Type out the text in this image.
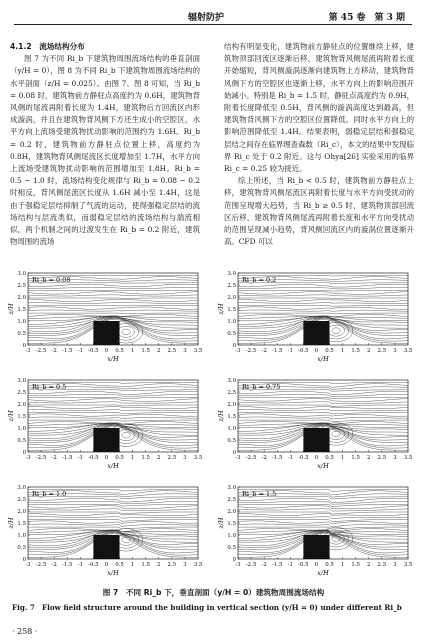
辐射防护	第 45 卷　第 3 期

4.1.2　 流场结构分布

图 7 为不同 Ri_b 下建筑物周围流场结构的垂直剖面（y/H = 0），图 8 为不同 Ri_b 下建筑物周围流场结构的水平剖面（z/H = 0.025）。由图 7、图 8 可知，当 Ri_b = 0.08 时，建筑物前方静驻点高度约为 0.6H，建筑物背风侧的尾流再附着长度为 1.4H，建筑物后方回流区内形成漩涡，并且在建筑物背风侧下方还生成小的空腔区，水平方向上流场受建筑物扰动影响的范围约为 1.6H。Ri_b = 0.2 时，建筑物前方静驻点位置上移，高度约为 0.8H，建筑物背风侧尾流区长度增加至 1.7H，水平方向上流场受建筑物扰动影响的范围增加至 1.8H。Ri_b = 0.5 ~ 1.0 时，流场结构变化规律与 Ri_b = 0.08 ~ 0.2 时相反，背风侧尾流区长度从 1.6H 减小至 1.4H，这是由于强稳定层结抑制了气流的运动，使得强稳定层结的流场结构与层流类似，而弱稳定层结的流场结构与湍流相似，两个机制之间的过渡发生在 Ri_b = 0.2 附近，建筑物周围的流场

结构有明显变化，建筑物前方静驻点的位置继续上移，建筑物顶部回流区逐渐后移，建筑物背风侧尾流再附着长度开始缩短，背风侧漩涡逐渐向建筑物上方移动，建筑物背风侧下方的空腔区也逐渐上移，水平方向上的影响范围开始减小。特别是 Ri_b = 1.5 时，静驻点高度约为 0.9H，附着长度降低至 0.5H，背风侧的漩涡高度达到最高，但建筑物背风侧下方的空腔区位置降低，同时水平方向上的影响范围降低至 1.4H。结果表明，弱稳定层结和强稳定层结之间存在临界理查森数（Ri_c），本文的结果中发现临界 Ri_c 处于 0.2 附近。这与 Ohya[26] 实验采用的临界 Ri_c = 0.25 较为接近。

综上所述，当 Ri_b < 0.5 时，建筑物前方静驻点上移，建筑物背风侧尾流区再附着长度与水平方向受扰动的范围呈现增大趋势，当 Ri_b ≥ 0.5 时，建筑物顶部回流区后移，建筑物背风侧尾流再附着长度和水平方向受扰动的范围呈现减小趋势，背风侧回流区内的漩涡位置逐渐升高。CFD 可以

Ri_b = 0.08
-3 -2.5 -2 -1.5 -1 -0.5 0 0.5 1 1.5 2 2.5 3 3.5
0
0.5
1.0
1.5
2.0
2.5
3.0
x/H
z/H
Ri_b = 0.2
-3 -2.5 -2 -1.5 -1 -0.5 0 0.5 1 1.5 2 2.5 3 3.5
0
0.5
1.0
1.5
2.0
2.5
3.0
x/H
z/H
Ri_b = 0.5
-3 -2.5 -2 -1.5 -1 -0.5 0 0.5 1 1.5 2 2.5 3 3.5
0
0.5
1.0
1.5
2.0
2.5
3.0
x/H
z/H
Ri_b = 0.75
-3 -2.5 -2 -1.5 -1 -0.5 0 0.5 1 1.5 2 2.5 3 3.5
0
0.5
1.0
1.5
2.0
2.5
3.0
x/H
z/H
Ri_b = 1.0
-3 -2.5 -2 -1.5 -1 -0.5 0 0.5 1 1.5 2 2.5 3 3.5
0
0.5
1.0
1.5
2.0
2.5
3.0
x/H
z/H
Ri_b = 1.5
-3 -2.5 -2 -1.5 -1 -0.5 0 0.5 1 1.5 2 2.5 3 3.5
0
0.5
1.0
1.5
2.0
2.5
3.0
x/H
z/H
图 7　不同 Ri_b 下，垂直剖面（y/H = 0）建筑物周围流场结构
Fig. 7　Flow field structure around the building in vertical section (y/H = 0) under different Ri_b
· 258 ·
